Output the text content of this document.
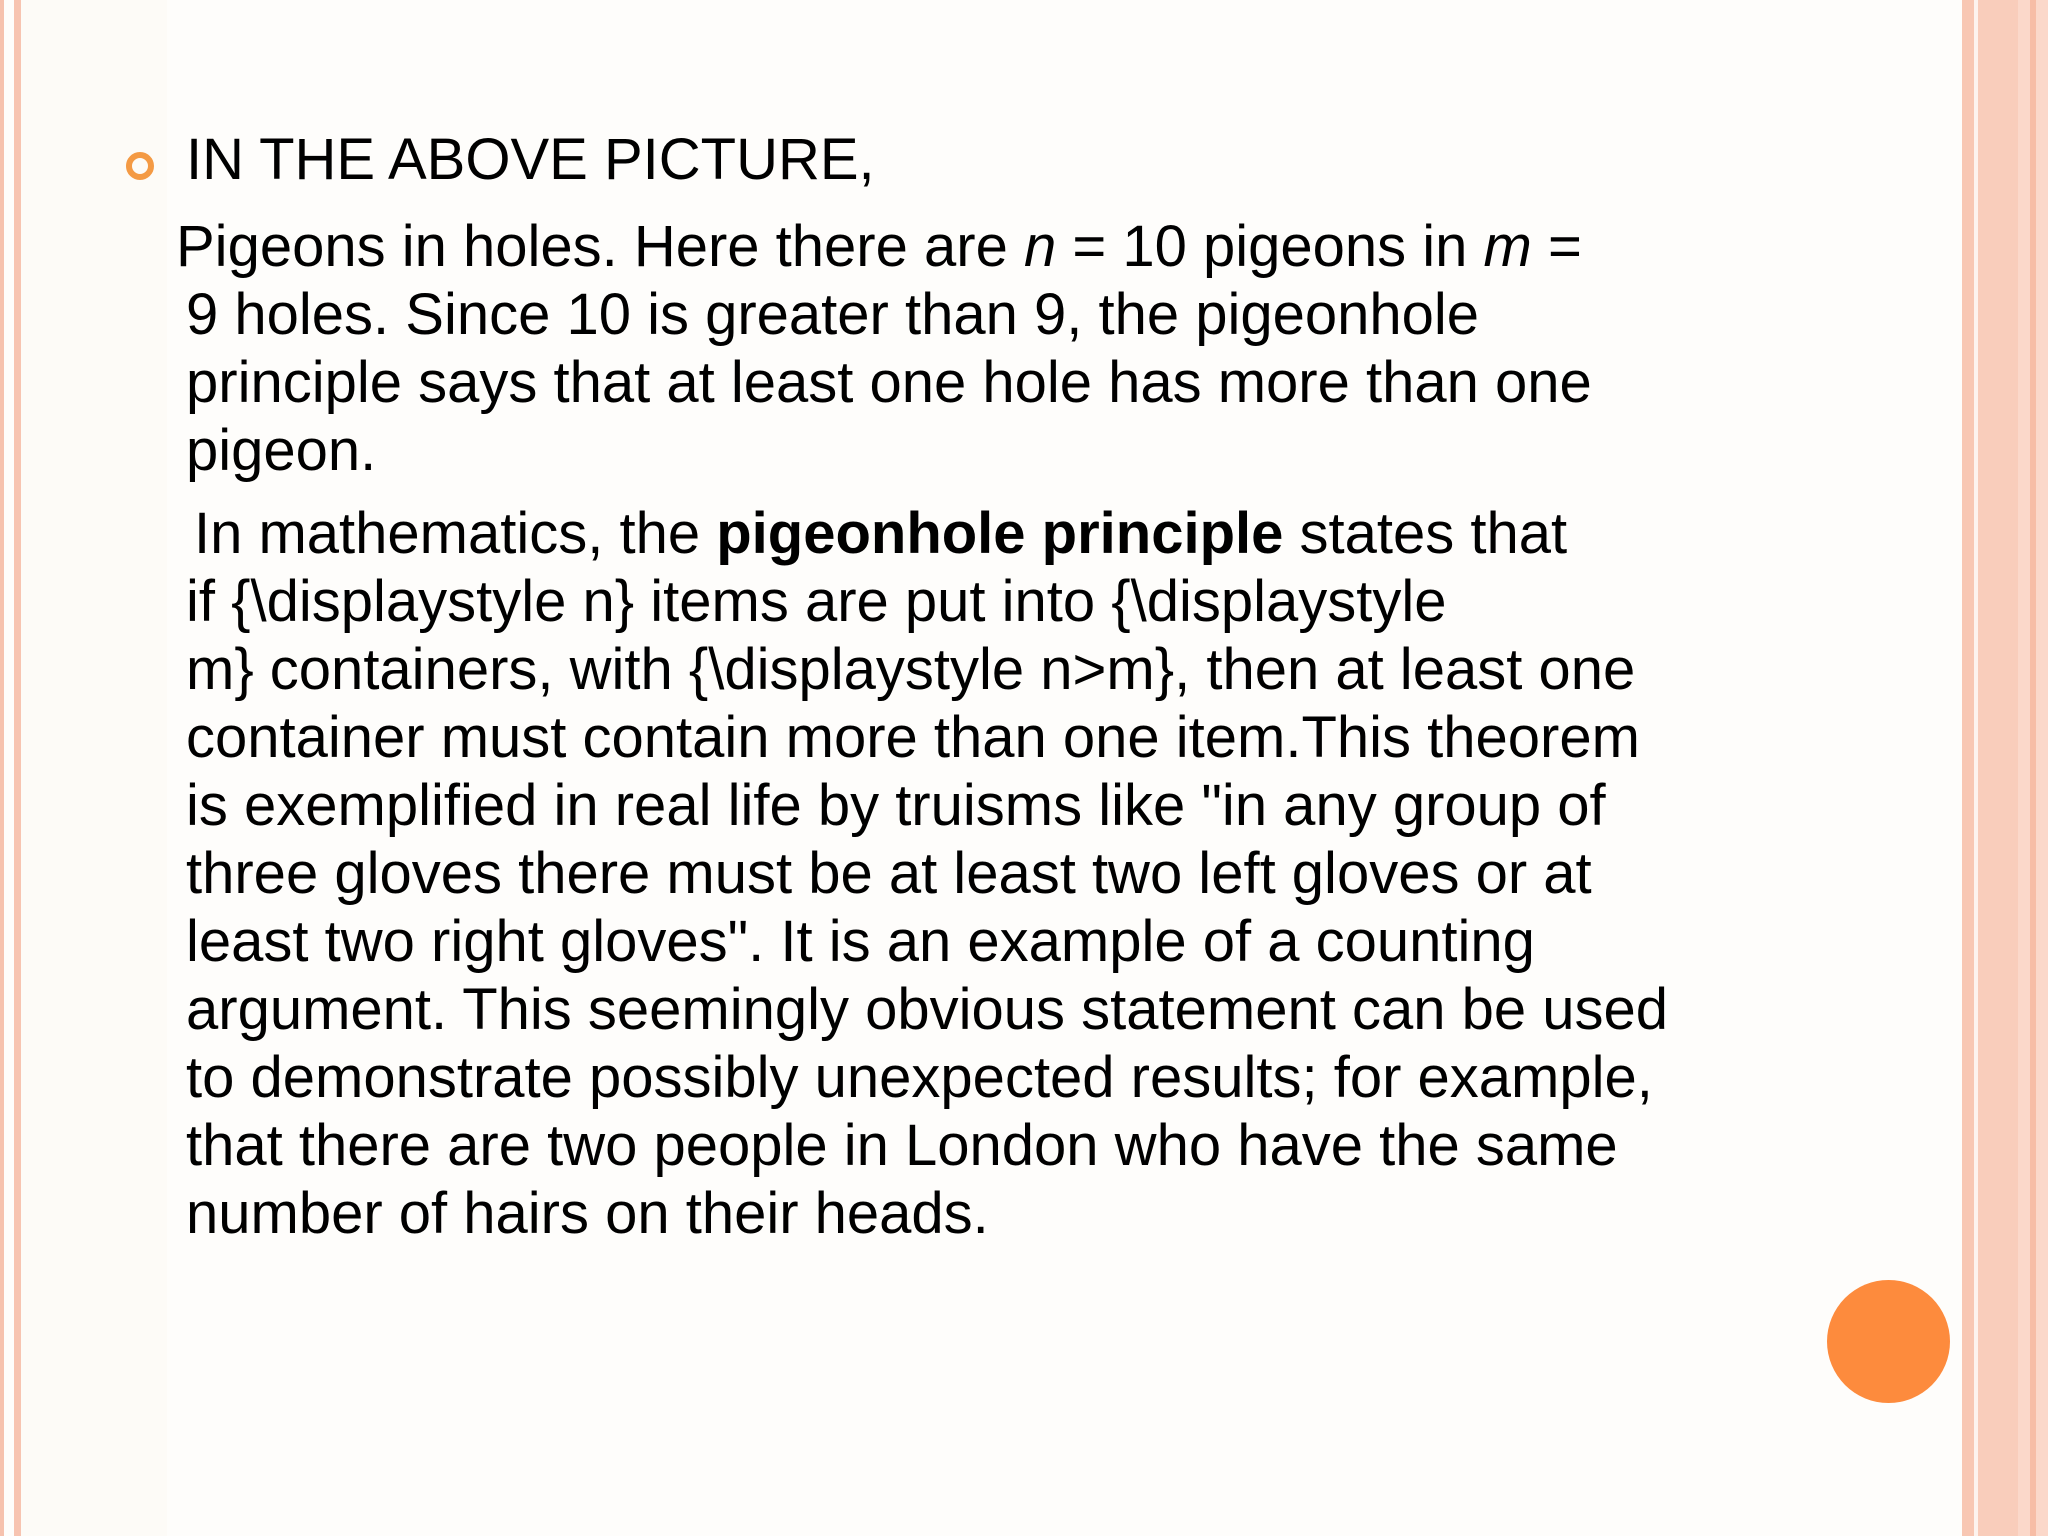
IN THE ABOVE PICTURE,
Pigeons in holes. Here there are n = 10 pigeons in m =
9 holes. Since 10 is greater than 9, the pigeonhole
principle says that at least one hole has more than one
pigeon.
In mathematics, the pigeonhole principle states that
if {\displaystyle n} items are put into {\displaystyle
m} containers, with {\displaystyle n>m}, then at least one
container must contain more than one item.This theorem
is exemplified in real life by truisms like "in any group of
three gloves there must be at least two left gloves or at
least two right gloves". It is an example of a counting
argument. This seemingly obvious statement can be used
to demonstrate possibly unexpected results; for example,
that there are two people in London who have the same
number of hairs on their heads.
